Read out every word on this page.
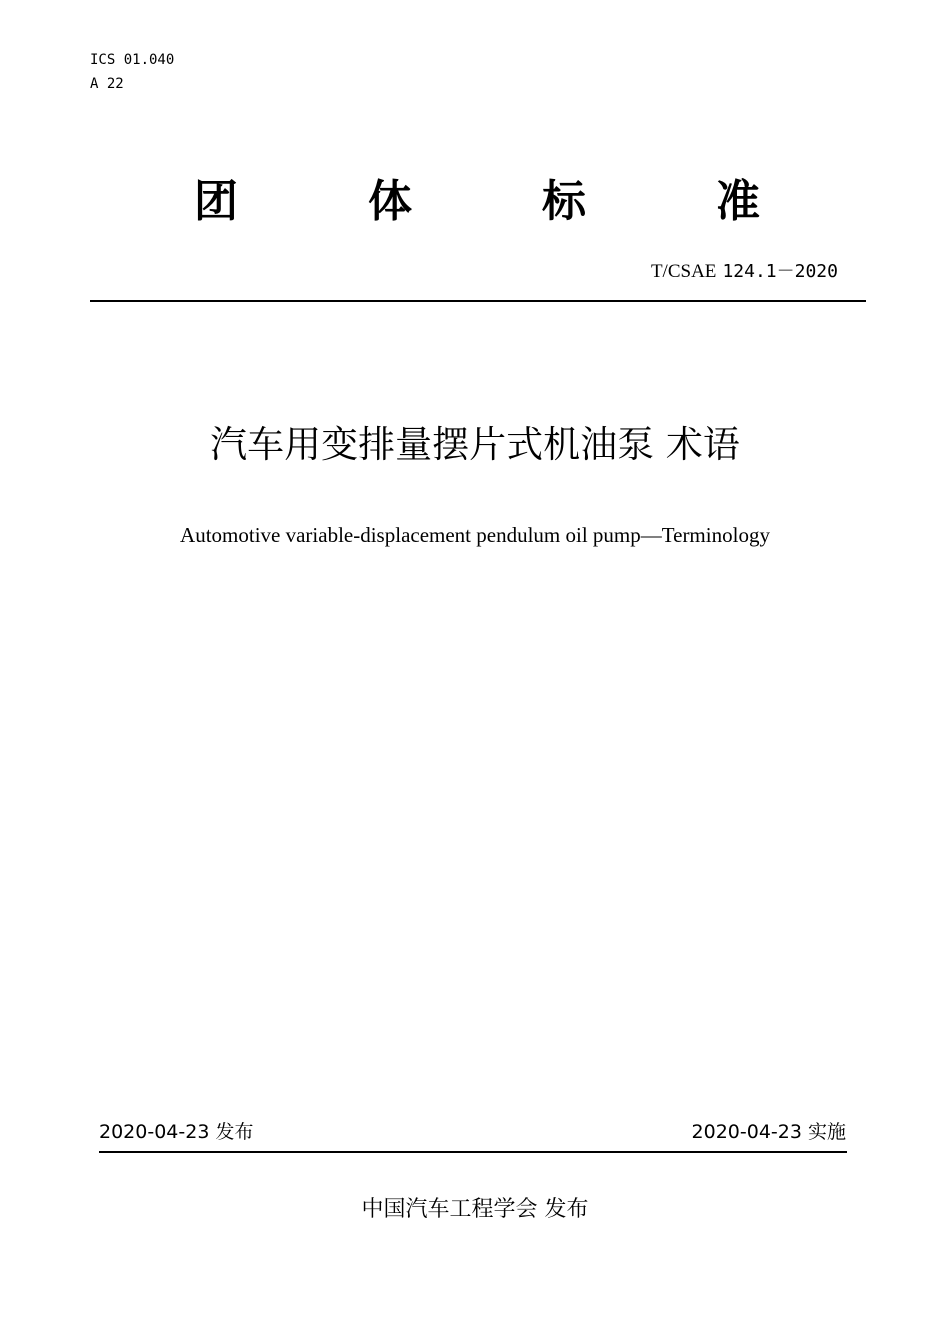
ICS 01.040
A 22
团	体	标	准
T/CSAE 124.1－2020
汽车用变排量摆片式机油泵 术语
Automotive variable-displacement pendulum oil pump—Terminology
2020-04-23 发布	2020-04-23 实施
中国汽车工程学会 发布
